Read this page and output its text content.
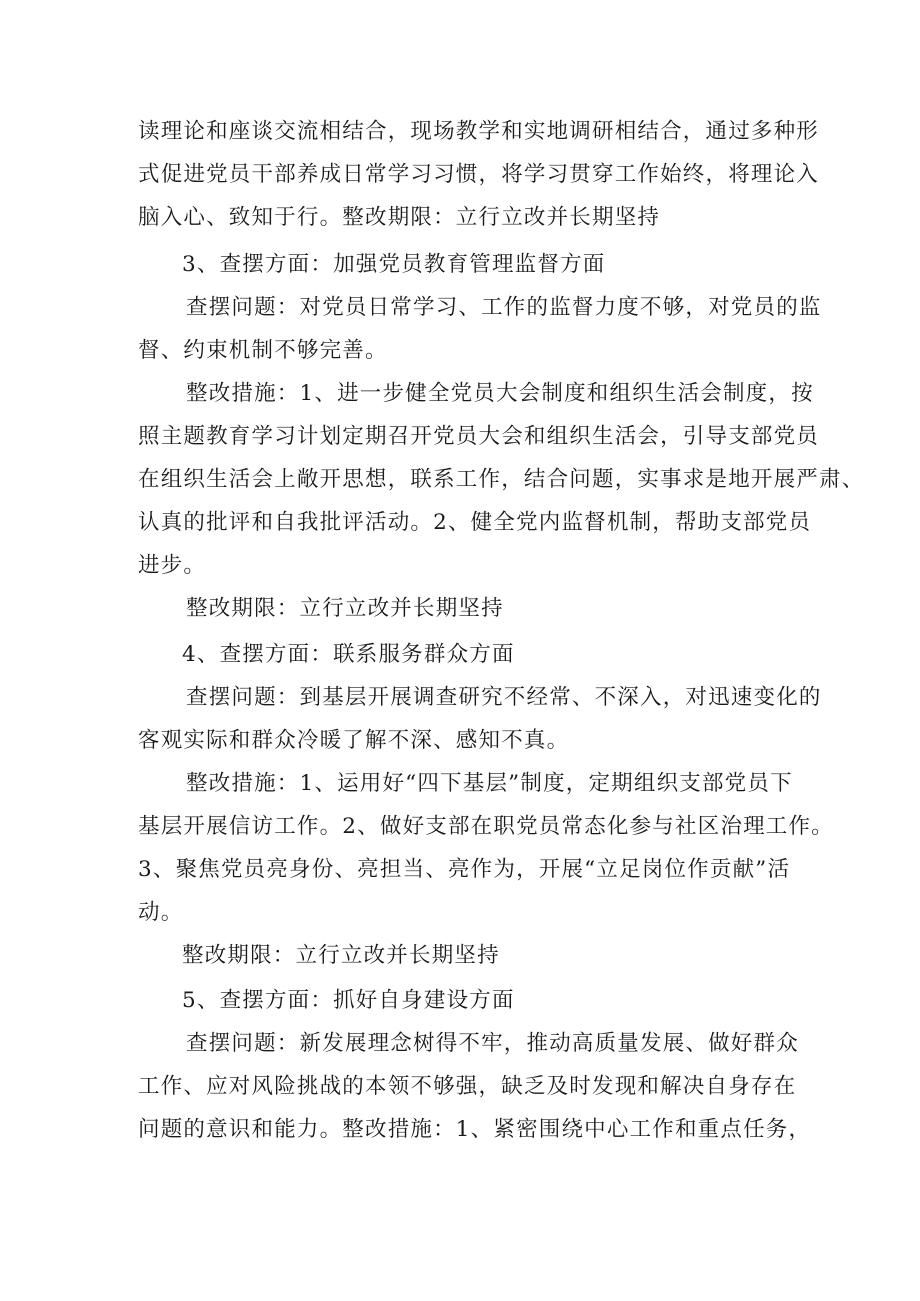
读理论和座谈交流相结合，现场教学和实地调研相结合，通过多种形
式促进党员干部养成日常学习习惯，将学习贯穿工作始终，将理论入
脑入心、致知于行。整改期限：立行立改并长期坚持
3、查摆方面：加强党员教育管理监督方面
查摆问题：对党员日常学习、工作的监督力度不够，对党员的监
督、约束机制不够完善。
整改措施：1、进一步健全党员大会制度和组织生活会制度，按
照主题教育学习计划定期召开党员大会和组织生活会，引导支部党员
在组织生活会上敞开思想，联系工作，结合问题，实事求是地开展严肃、
认真的批评和自我批评活动。2、健全党内监督机制，帮助支部党员
进步。
整改期限：立行立改并长期坚持
4、查摆方面：联系服务群众方面
查摆问题：到基层开展调查研究不经常、不深入，对迅速变化的
客观实际和群众冷暖了解不深、感知不真。
整改措施：1、运用好“四下基层”制度，定期组织支部党员下
基层开展信访工作。2、做好支部在职党员常态化参与社区治理工作。
3、聚焦党员亮身份、亮担当、亮作为，开展“立足岗位作贡献”活
动。
整改期限：立行立改并长期坚持
5、查摆方面：抓好自身建设方面
查摆问题：新发展理念树得不牢，推动高质量发展、做好群众
工作、应对风险挑战的本领不够强，缺乏及时发现和解决自身存在
问题的意识和能力。整改措施：1、紧密围绕中心工作和重点任务，
